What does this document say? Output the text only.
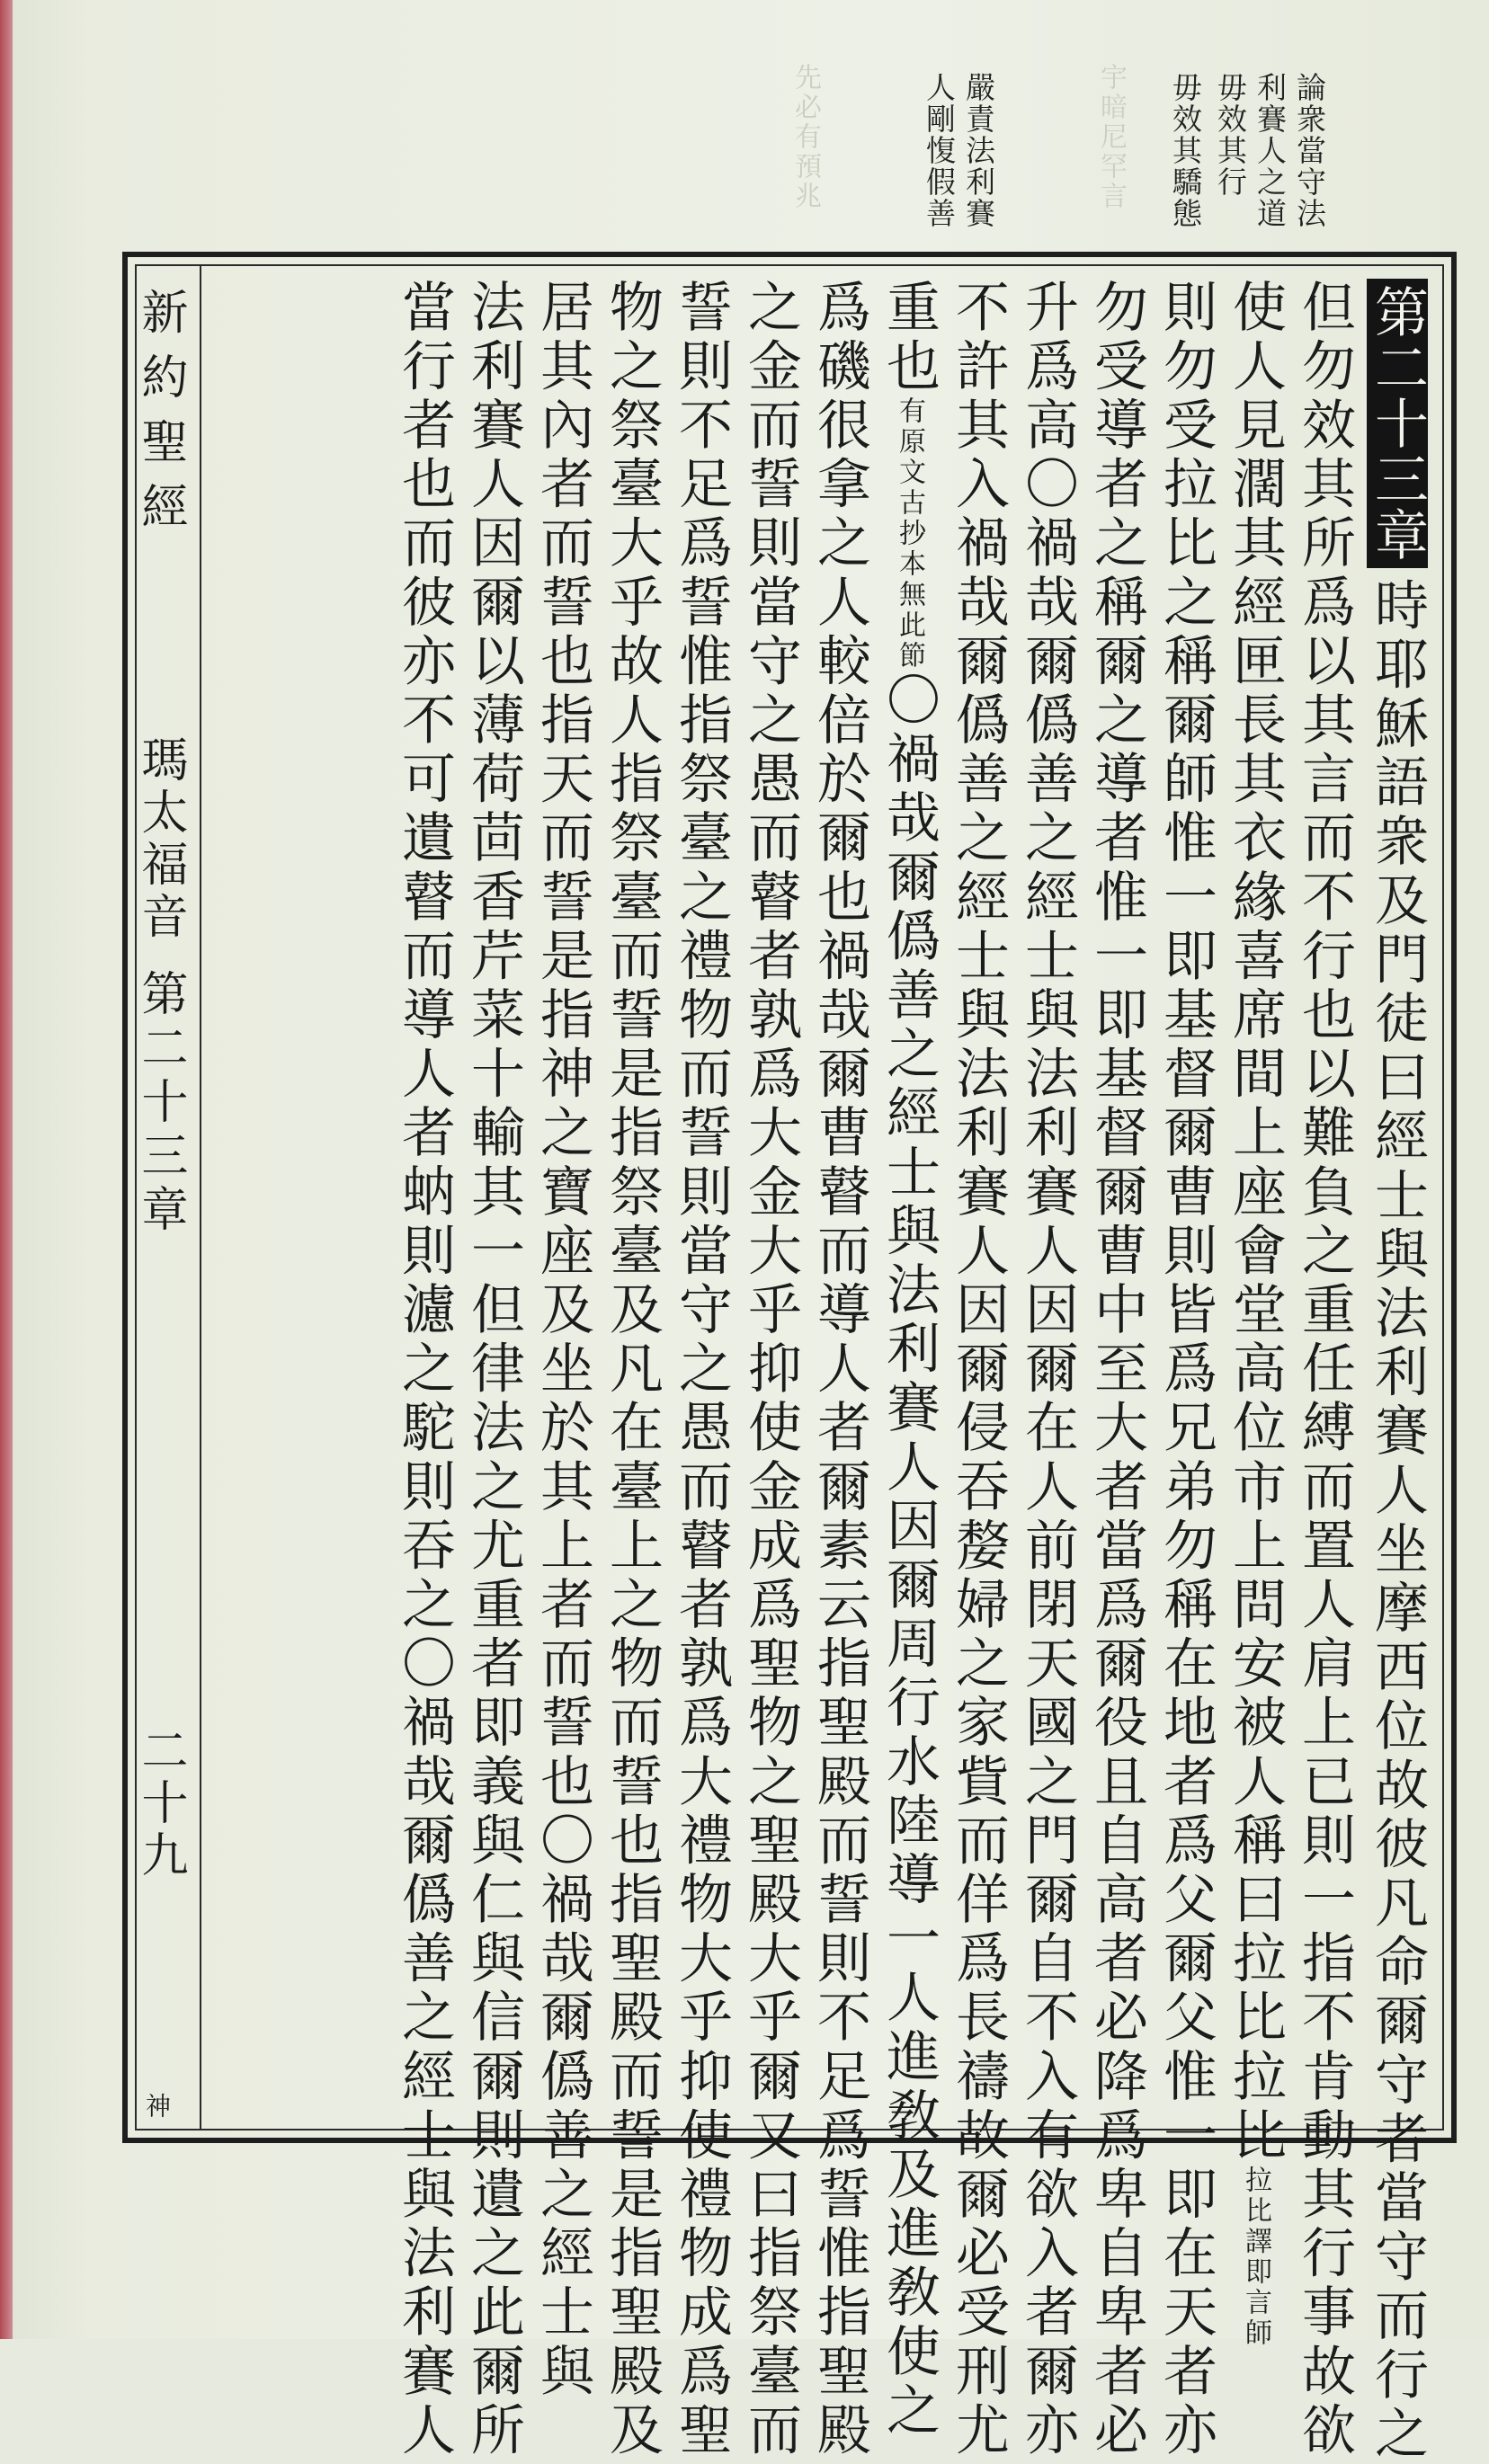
論衆當守法
利賽人之道
毋效其行
毋效其驕態
嚴責法利賽
人剛愎假善	宇暗尼罕言
先必有預兆
新約聖經
瑪太福音
第二十三章
二十九
神
第二十三章時耶穌語衆及門徒曰經士與法利賽人坐摩西位故彼凡命爾守者當守而行之
但勿效其所爲以其言而不行也以難負之重任縛而置人肩上已則一指不肯動其行事故欲
使人見濶其經匣長其衣緣喜席間上座會堂高位市上問安被人稱曰拉比拉比拉比譯即言師
則勿受拉比之稱爾師惟一即基督爾曹則皆爲兄弟勿稱在地者爲父爾父惟一即在天者亦
勿受導者之稱爾之導者惟一即基督爾曹中至大者當爲爾役且自高者必降爲卑自卑者必
升爲高〇禍哉爾僞善之經士與法利賽人因爾在人前閉天國之門爾自不入有欲入者爾亦
不許其入禍哉爾僞善之經士與法利賽人因爾侵吞嫠婦之家貲而佯爲長禱故爾必受刑尤
重也有原文古抄本無此節〇禍哉爾僞善之經士與法利賽人因爾周行水陸導一人進敎及進敎使之
爲磯很拿之人較倍於爾也禍哉爾曹瞽而導人者爾素云指聖殿而誓則不足爲誓惟指聖殿
之金而誓則當守之愚而瞽者孰爲大金大乎抑使金成爲聖物之聖殿大乎爾又曰指祭臺而
誓則不足爲誓惟指祭臺之禮物而誓則當守之愚而瞽者孰爲大禮物大乎抑使禮物成爲聖
物之祭臺大乎故人指祭臺而誓是指祭臺及凡在臺上之物而誓也指聖殿而誓是指聖殿及
居其內者而誓也指天而誓是指神之寶座及坐於其上者而誓也〇禍哉爾僞善之經士與
法利賽人因爾以薄荷茴香芹菜十輸其一但律法之尤重者即義與仁與信爾則遺之此爾所
當行者也而彼亦不可遺瞽而導人者蚋則濾之駝則吞之〇禍哉爾僞善之經士與法利賽人
